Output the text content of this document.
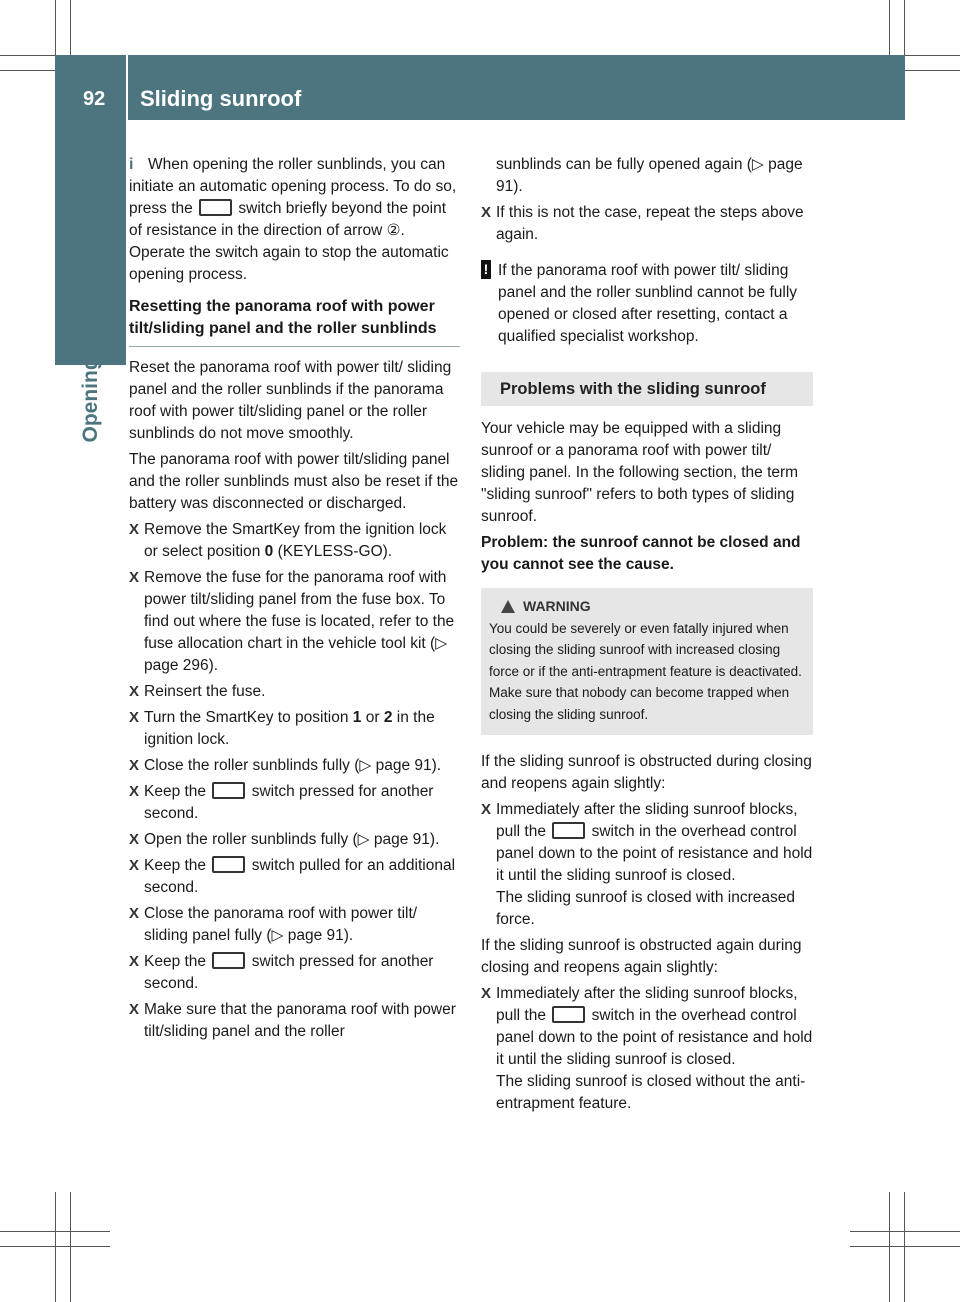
92 Sliding sunroof
Opening/closing

i When opening the roller sunblinds, you can initiate an automatic opening process. To do so, press the	switch briefly beyond the point of resistance in the direction of arrow ②. Operate the switch again to stop the automatic opening process.

Resetting the panorama roof with power tilt/sliding panel and the roller sunblinds

Reset the panorama roof with power tilt/ sliding panel and the roller sunblinds if the panorama roof with power tilt/sliding panel or the roller sunblinds do not move smoothly.

The panorama roof with power tilt/sliding panel and the roller sunblinds must also be reset if the battery was disconnected or discharged.

X Remove the SmartKey from the ignition lock or select position 0 (KEYLESS-GO).
X Remove the fuse for the panorama roof with power tilt/sliding panel from the fuse box. To find out where the fuse is located, refer to the fuse allocation chart in the vehicle tool kit (▷ page 296).
X Reinsert the fuse.
X Turn the SmartKey to position 1 or 2 in the ignition lock.
X Close the roller sunblinds fully (▷ page 91).
X Keep the	switch pressed for another second.
X Open the roller sunblinds fully (▷ page 91).
X Keep the	switch pulled for an additional second.
X Close the panorama roof with power tilt/ sliding panel fully (▷ page 91).
X Keep the	switch pressed for another second.
X Make sure that the panorama roof with power tilt/sliding panel and the roller

sunblinds can be fully opened again (▷ page 91).

X If this is not the case, repeat the steps above again.
! If the panorama roof with power tilt/ sliding panel and the roller sunblind cannot be fully opened or closed after resetting, contact a qualified specialist workshop.
Problems with the sliding sunroof

Your vehicle may be equipped with a sliding sunroof or a panorama roof with power tilt/ sliding panel. In the following section, the term "sliding sunroof" refers to both types of sliding sunroof.

Problem: the sunroof cannot be closed and you cannot see the cause.

WARNING
You could be severely or even fatally injured when closing the sliding sunroof with increased closing force or if the anti-entrapment feature is deactivated. Make sure that nobody can become trapped when closing the sliding sunroof.

If the sliding sunroof is obstructed during closing and reopens again slightly:

X Immediately after the sliding sunroof blocks, pull the	switch in the overhead control panel down to the point of resistance and hold it until the sliding sunroof is closed.
The sliding sunroof is closed with increased force.

If the sliding sunroof is obstructed again during closing and reopens again slightly:

X Immediately after the sliding sunroof blocks, pull the	switch in the overhead control panel down to the point of resistance and hold it until the sliding sunroof is closed.
The sliding sunroof is closed without the anti-entrapment feature.
